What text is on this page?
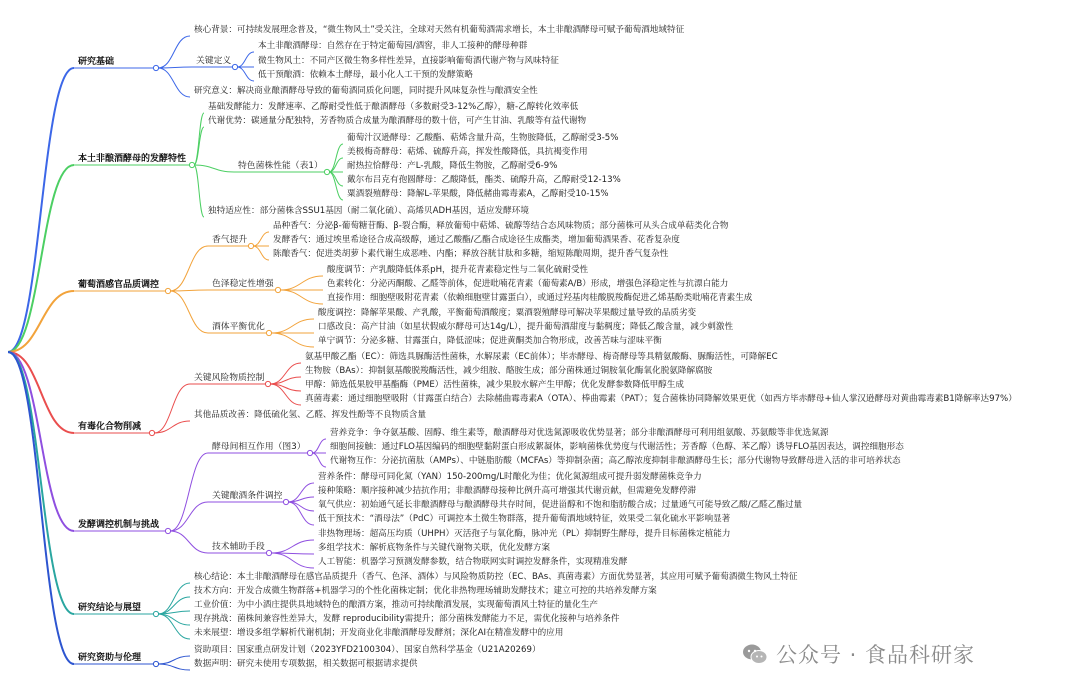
研究基础
本土非酿酒酵母的发酵特性
葡萄酒感官品质调控
有毒化合物削减
发酵调控机制与挑战
研究结论与展望
研究资助与伦理
核心背景：可持续发展理念普及，“微生物风土”受关注，全球对天然有机葡萄酒需求增长，本土非酿酒酵母可赋予葡萄酒地域特征
关键定义
本土非酿酒酵母：自然存在于特定葡萄园/酒窖，非人工接种的酵母种群
微生物风土：不同产区微生物多样性差异，直接影响葡萄酒代谢产物与风味特征
低干预酿酒：依赖本土酵母，最小化人工干预的发酵策略
研究意义：解决商业酿酒酵母导致的葡萄酒同质化问题，同时提升风味复杂性与酿酒安全性
基础发酵能力：发酵速率、乙醇耐受性低于酿酒酵母（多数耐受3-12%乙醇），糖-乙醇转化效率低
代谢优势：碳通量分配独特，芳香物质合成量为酿酒酵母的数十倍，可产生甘油、乳酸等有益代谢物
特色菌株性能（表1）
葡萄汁汉逊酵母：乙酸酯、萜烯含量升高，生物胺降低，乙醇耐受3-5%
美极梅奇酵母：萜烯、硫醇升高，挥发性酸降低，具抗褐变作用
耐热拉恰酵母：产L-乳酸，降低生物胺，乙醇耐受6-9%
戴尔布吕克有孢圆酵母：乙酸降低，酯类、硫醇升高，乙醇耐受12-13%
粟酒裂殖酵母：降解L-苹果酸，降低赭曲霉毒素A，乙醇耐受10-15%
独特适应性：部分菌株含SSU1基因（耐二氧化硫）、高烯贝ADH基因，适应发酵环境
香气提升
品种香气：分泌β-葡萄糖苷酶、β-裂合酶，释放葡萄中萜烯、硫醇等结合态风味物质；部分菌株可从头合成单萜类化合物
发酵香气：通过埃里希途径合成高级醇，通过乙酸酯/乙酯合成途径生成酯类，增加葡萄酒果香、花香复杂度
陈酿香气：促进类胡萝卜素代谢生成恶唑、内酯；释放谷胱甘肽和多糖，缩短陈酿周期，提升香气复杂性
色泽稳定性增强
酸度调节：产乳酸降低体系pH，提升花青素稳定性与二氧化硫耐受性
色素转化：分泌丙酮酸、乙醛等前体，促进吡喃花青素（葡萄素A/B）形成，增强色泽稳定性与抗漂白能力
直接作用：细胞壁吸附花青素（依赖细胞壁甘露蛋白），或通过羟基肉桂酸脱羧酶促进乙烯基酚类吡喃花青素生成
酒体平衡优化
酸度调控：降解苹果酸、产乳酸，平衡葡萄酒酸度；粟酒裂殖酵母可解决苹果酸过量导致的品质劣变
口感改良：高产甘油（如星状假威尔酵母可达14g/L），提升葡萄酒甜度与黏稠度；降低乙酸含量，减少刺激性
单宁调节：分泌多糖、甘露蛋白，降低涩味；促进黄酮类加合物形成，改善苦味与涩味平衡
关键风险物质控制
氨基甲酸乙酯（EC）：筛选具脲酶活性菌株，水解尿素（EC前体）；毕赤酵母、梅奇酵母等具精氨酸酶、脲酶活性，可降解EC
生物胺（BAs）：抑制氨基酸脱羧酶活性，减少组胺、酪胺生成；部分菌株通过铜胺氧化酶氧化脱氨降解腐胺
甲醇：筛选低果胶甲基酯酶（PME）活性菌株，减少果胶水解产生甲醇；优化发酵参数降低甲醇生成
真菌毒素：通过细胞壁吸附（甘露蛋白结合）去除赭曲霉毒素A（OTA）、棒曲霉素（PAT）；复合菌株协同降解效果更优（如西方毕赤酵母+仙人掌汉逊酵母对黄曲霉毒素B1降解率达97%）
其他品质改善：降低硫化氢、乙醛、挥发性酚等不良物质含量
酵母间相互作用（图3）
营养竞争：争夺氨基酸、固醇、维生素等，酿酒酵母对优选氮源吸收优势显著；部分非酿酒酵母可利用组氨酸、苏氨酸等非优选氮源
细胞间接触：通过FLO基因编码的细胞壁黏附蛋白形成絮凝体，影响菌株优势度与代谢活性；芳香醇（色醇、苯乙醇）诱导FLO基因表达，调控细胞形态
代谢物互作：分泌抗菌肽（AMPs）、中链脂肪酸（MCFAs）等抑制杂菌；高乙醇浓度抑制非酿酒酵母生长；部分代谢物导致酵母进入活的非可培养状态
关键酿酒条件调控
营养条件：酵母可同化氮（YAN）150-200mg/L时酿化为佳；优化氮源组成可提升弱发酵菌株竞争力
接种策略：顺序接种减少拮抗作用；非酿酒酵母接种比例升高可增强其代谢贡献，但需避免发酵停滞
氧气供应：初始通气延长非酿酒酵母与酿酒酵母共存时间，促进甾醇和不饱和脂肪酸合成；过量通气可能导致乙酸/乙醛乙酯过量
低干预技术：“酒母法”（PdC）可调控本土微生物群落，提升葡萄酒地域特征，效果受二氧化硫水平影响显著
技术辅助手段
非热物理场：超高压均质（UHPH）灭活孢子与氧化酶，脉冲光（PL）抑制野生酵母，提升目标菌株定植能力
多组学技术：解析底物条件与关键代谢物关联，优化发酵方案
人工智能：机器学习预测发酵参数，结合物联网实时调控发酵条件，实现精准发酵
核心结论：本土非酿酒酵母在感官品质提升（香气、色泽、酒体）与风险物质防控（EC、BAs、真菌毒素）方面优势显著，其应用可赋予葡萄酒微生物风土特征
技术方向：开发合成微生物群落+机器学习的个性化菌株定制；优化非热物理场辅助发酵技术；建立可控的共培养发酵方案
工业价值：为中小酒庄提供具地域特色的酿酒方案，推动可持续酿酒发展，实现葡萄酒风土特征的量化生产
现存挑战：菌株间兼容性差异大，发酵 reproducibility需提升；部分菌株发酵能力不足，需优化接种与培养条件
未来展望：增设多组学解析代谢机制；开发商业化非酿酒酵母发酵剂；深化AI在精准发酵中的应用
资助项目：国家重点研发计划（2023YFD2100304）、国家自然科学基金（U21A20269）
数据声明：研究未使用专项数据，相关数据可根据请求提供	公众号 · 食品科研家
